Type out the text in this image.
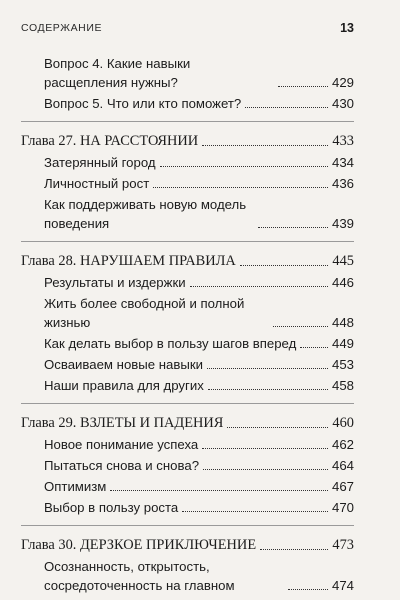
СОДЕРЖАНИЕ	13
Вопрос 4. Какие навыки расщепления нужны?	429
Вопрос 5. Что или кто поможет?	430
Глава 27. НА РАССТОЯНИИ	433
Затерянный город	434
Личностный рост	436
Как поддерживать новую модель поведения	439
Глава 28. НАРУШАЕМ ПРАВИЛА	445
Результаты и издержки	446
Жить более свободной и полной жизнью	448
Как делать выбор в пользу шагов вперед	449
Осваиваем новые навыки	453
Наши правила для других	458
Глава 29. ВЗЛЕТЫ И ПАДЕНИЯ	460
Новое понимание успеха	462
Пытаться снова и снова?	464
Оптимизм	467
Выбор в пользу роста	470
Глава 30. ДЕРЗКОЕ ПРИКЛЮЧЕНИЕ	473
Осознанность, открытость, сосредоточенность на главном	474
